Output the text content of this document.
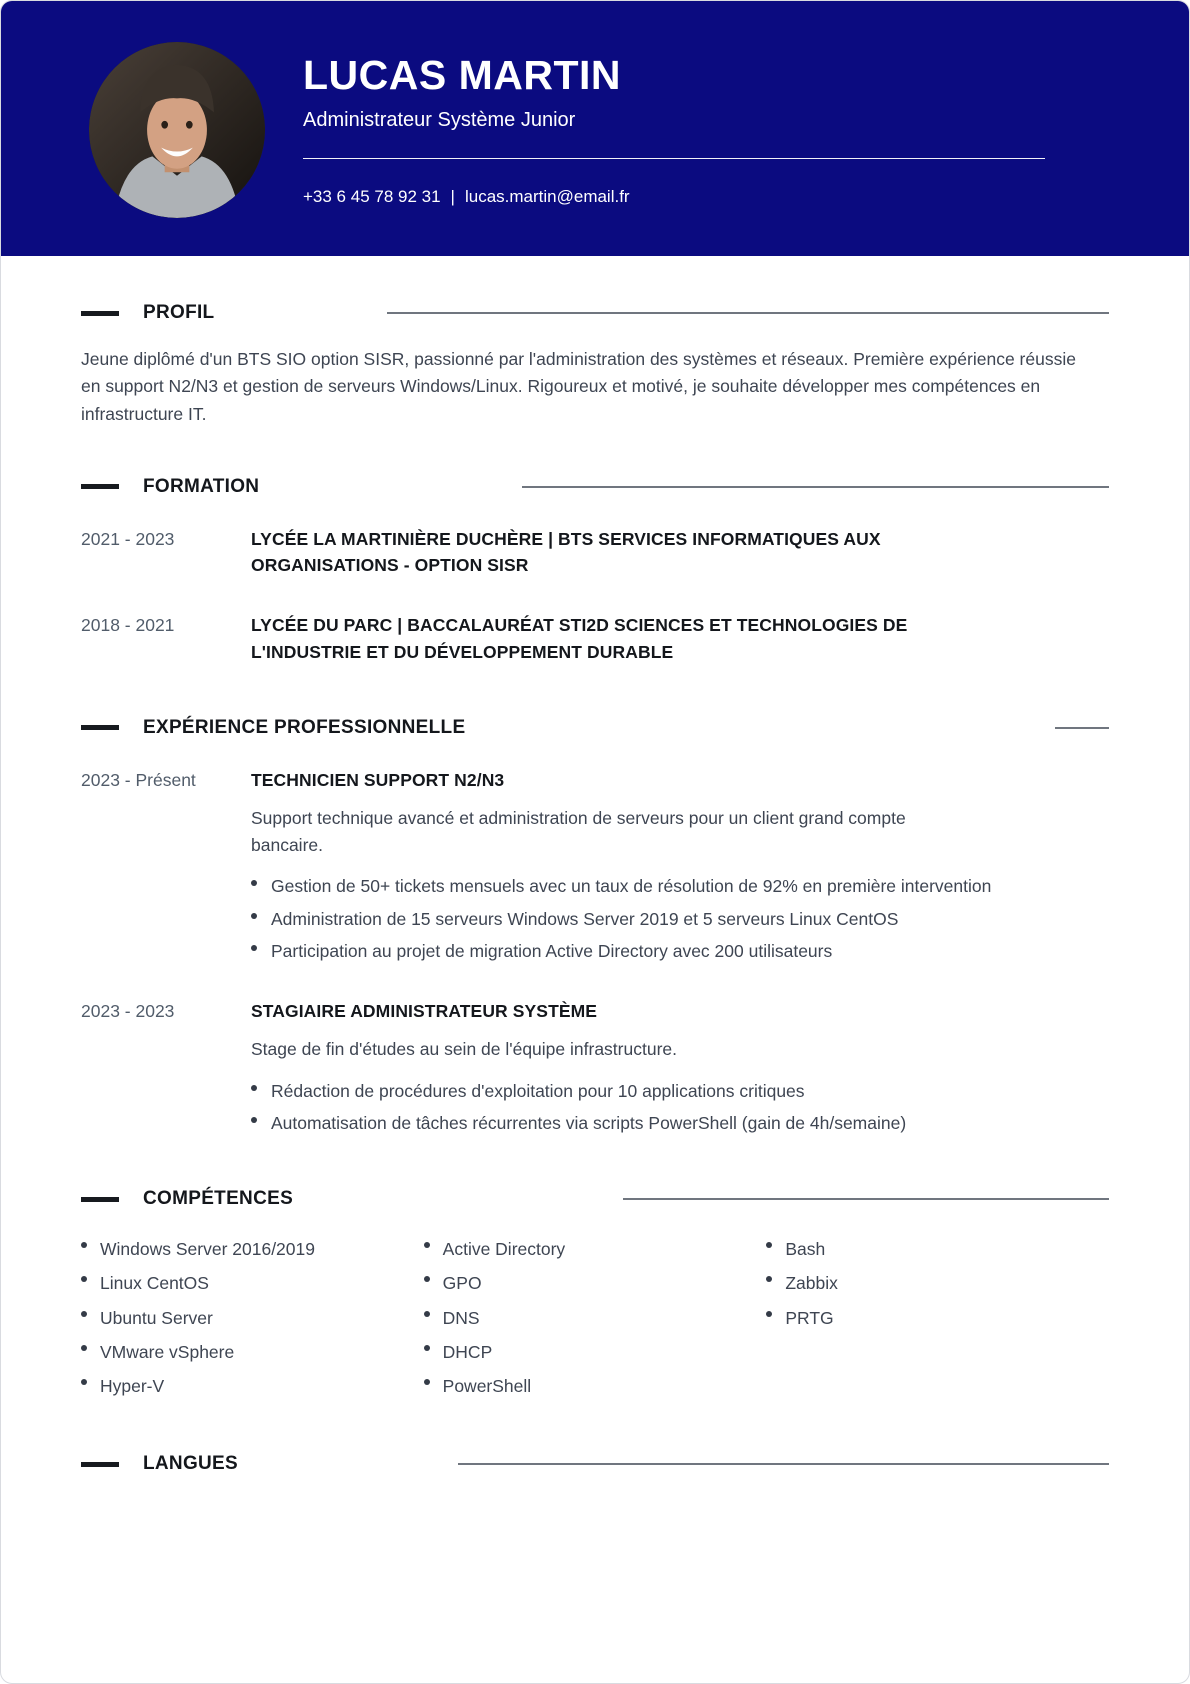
LUCAS MARTIN
Administrateur Système Junior
+33 6 45 78 92 31 | lucas.martin@email.fr
PROFIL

Jeune diplômé d'un BTS SIO option SISR, passionné par l'administration des systèmes et réseaux. Première expérience réussie en support N2/N3 et gestion de serveurs Windows/Linux. Rigoureux et motivé, je souhaite développer mes compétences en infrastructure IT.

FORMATION
2021 - 2023	LYCÉE LA MARTINIÈRE DUCHÈRE | BTS SERVICES INFORMATIQUES AUX ORGANISATIONS - OPTION SISR
2018 - 2021	LYCÉE DU PARC | BACCALAURÉAT STI2D SCIENCES ET TECHNOLOGIES DE L'INDUSTRIE ET DU DÉVELOPPEMENT DURABLE
EXPÉRIENCE PROFESSIONNELLE
2023 - Présent	TECHNICIEN SUPPORT N2/N3

Support technique avancé et administration de serveurs pour un client grand compte bancaire.

Gestion de 50+ tickets mensuels avec un taux de résolution de 92% en première intervention
Administration de 15 serveurs Windows Server 2019 et 5 serveurs Linux CentOS
Participation au projet de migration Active Directory avec 200 utilisateurs
2023 - 2023	STAGIAIRE ADMINISTRATEUR SYSTÈME

Stage de fin d'études au sein de l'équipe infrastructure.

Rédaction de procédures d'exploitation pour 10 applications critiques
Automatisation de tâches récurrentes via scripts PowerShell (gain de 4h/semaine)
COMPÉTENCES
Windows Server 2016/2019
Linux CentOS
Ubuntu Server
VMware vSphere
Hyper-V
Active Directory
GPO
DNS
DHCP
PowerShell
Bash
Zabbix
PRTG
LANGUES
